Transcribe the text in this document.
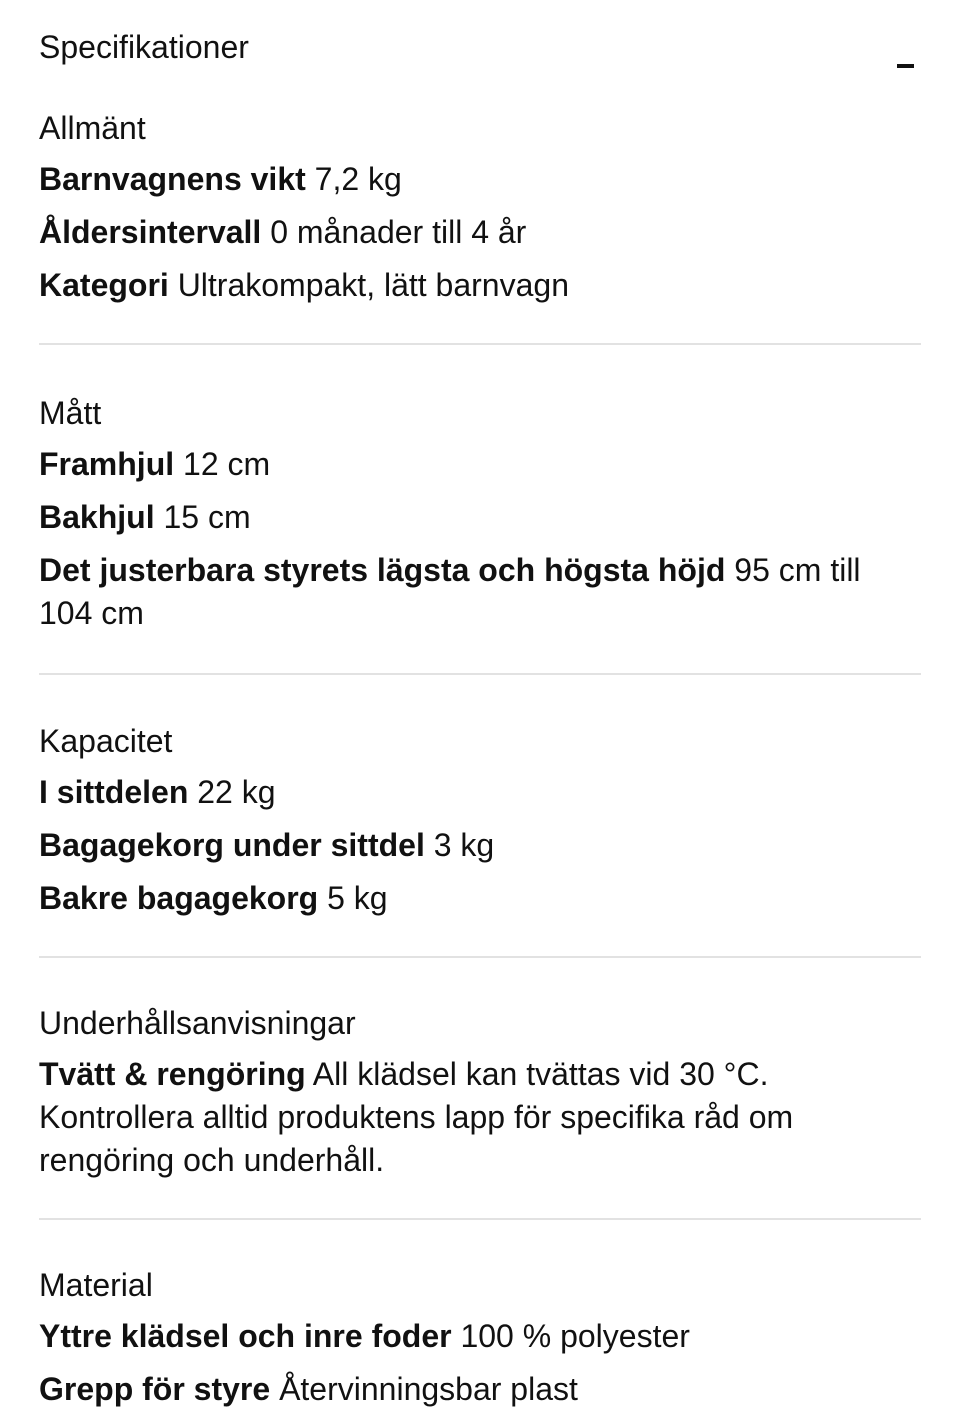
Specifikationer
Allmänt
Barnvagnens vikt 7,2 kg
Åldersintervall 0 månader till 4 år
Kategori Ultrakompakt, lätt barnvagn
Mått
Framhjul 12 cm
Bakhjul 15 cm
Det justerbara styrets lägsta och högsta höjd 95 cm till 104 cm
Kapacitet
I sittdelen 22 kg
Bagagekorg under sittdel 3 kg
Bakre bagagekorg 5 kg
Underhållsanvisningar
Tvätt & rengöring All klädsel kan tvättas vid 30 °C. Kontrollera alltid produktens lapp för specifika råd om rengöring och underhåll.
Material
Yttre klädsel och inre foder 100 % polyester
Grepp för styre Återvinningsbar plast
